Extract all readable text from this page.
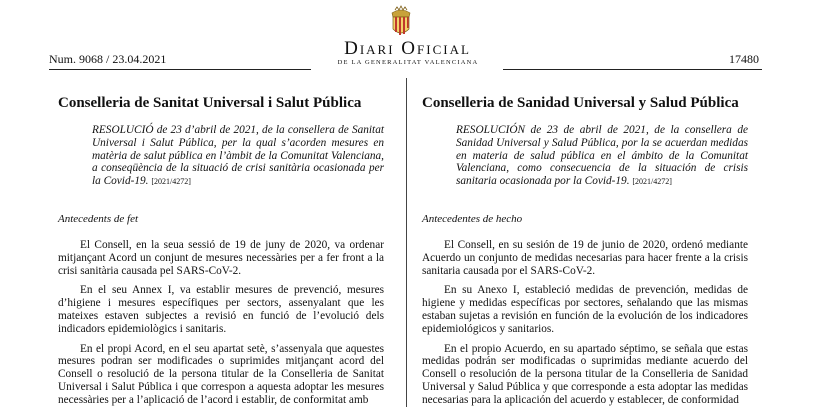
Num. 9068 / 23.04.2021	Diari Oficial
DE LA GENERALITAT VALENCIANA	17480
Conselleria de Sanitat Universal i Salut Pública
RESOLUCIÓ de 23 d’abril de 2021, de la consellera de Sanitat Universal i Salut Pública, per la qual s’acorden mesures en matèria de salut pública en l’àmbit de la Comunitat Valenciana, a conseqüència de la situació de crisi sanitària ocasionada per la Covid-19. [2021/4272]
Antecedents de fet

El Consell, en la seua sessió de 19 de juny de 2020, va ordenar mitjançant Acord un conjunt de mesures necessàries per a fer front a la crisi sanitària causada pel SARS-CoV-2.

En el seu Annex I, va establir mesures de prevenció, mesures d’higiene i mesures específiques per sectors, assenyalant que les mateixes estaven subjectes a revisió en funció de l’evolució dels indicadors epidemiològics i sanitaris.

En el propi Acord, en el seu apartat setè, s’assenyala que aquestes mesures podran ser modificades o suprimides mitjançant acord del Consell o resolució de la persona titular de la Conselleria de Sanitat Universal i Salut Pública i que correspon a aquesta adoptar les mesures necessàries per a l’aplicació de l’acord i establir, de conformitat amb

Conselleria de Sanidad Universal y Salud Pública
RESOLUCIÓN de 23 de abril de 2021, de la consellera de Sanidad Universal y Salud Pública, por la se acuerdan medidas en materia de salud pública en el ámbito de la Comunitat Valenciana, como consecuencia de la situación de crisis sanitaria ocasionada por la Covid-19. [2021/4272]
Antecedentes de hecho

El Consell, en su sesión de 19 de junio de 2020, ordenó mediante Acuerdo un conjunto de medidas necesarias para hacer frente a la crisis sanitaria causada por el SARS-CoV-2.

En su Anexo I, estableció medidas de prevención, medidas de higiene y medidas específicas por sectores, señalando que las mismas estaban sujetas a revisión en función de la evolución de los indicadores epidemiológicos y sanitarios.

En el propio Acuerdo, en su apartado séptimo, se señala que estas medidas podrán ser modificadas o suprimidas mediante acuerdo del Consell o resolución de la persona titular de la Conselleria de Sanidad Universal y Salud Pública y que corresponde a esta adoptar las medidas necesarias para la aplicación del acuerdo y establecer, de conformidad
